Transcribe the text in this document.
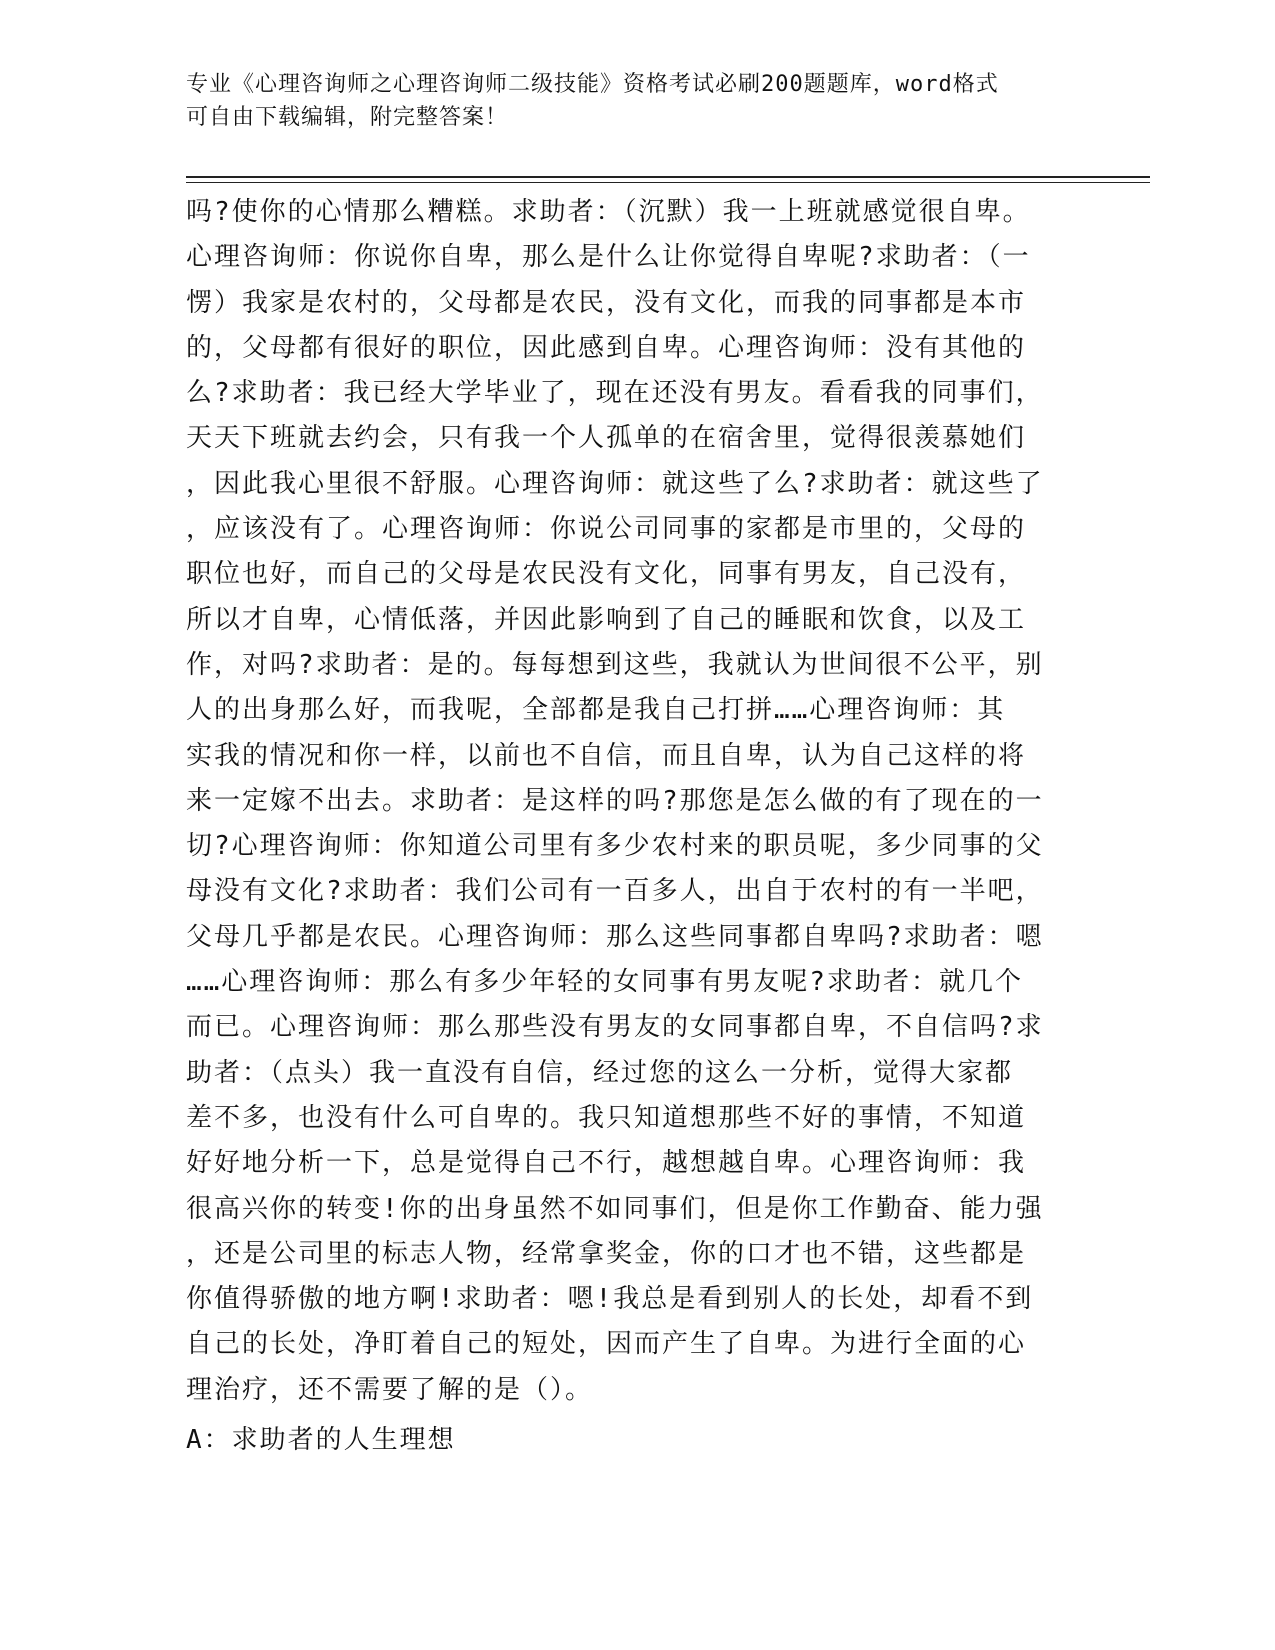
专业《心理咨询师之心理咨询师二级技能》资格考试必刷200题题库，word格式
可自由下载编辑，附完整答案！
吗?使你的心情那么糟糕。求助者：（沉默）我一上班就感觉很自卑。
心理咨询师：你说你自卑，那么是什么让你觉得自卑呢?求助者：（一
愣）我家是农村的，父母都是农民，没有文化，而我的同事都是本市
的，父母都有很好的职位，因此感到自卑。心理咨询师：没有其他的
么?求助者：我已经大学毕业了，现在还没有男友。看看我的同事们，
天天下班就去约会，只有我一个人孤单的在宿舍里，觉得很羡慕她们
，因此我心里很不舒服。心理咨询师：就这些了么?求助者：就这些了
，应该没有了。心理咨询师：你说公司同事的家都是市里的，父母的
职位也好，而自己的父母是农民没有文化，同事有男友，自己没有，
所以才自卑，心情低落，并因此影响到了自己的睡眠和饮食，以及工
作，对吗?求助者：是的。每每想到这些，我就认为世间很不公平，别
人的出身那么好，而我呢，全部都是我自己打拼……心理咨询师：其
实我的情况和你一样，以前也不自信，而且自卑，认为自己这样的将
来一定嫁不出去。求助者：是这样的吗?那您是怎么做的有了现在的一
切?心理咨询师：你知道公司里有多少农村来的职员呢，多少同事的父
母没有文化?求助者：我们公司有一百多人，出自于农村的有一半吧，
父母几乎都是农民。心理咨询师：那么这些同事都自卑吗?求助者：嗯
……心理咨询师：那么有多少年轻的女同事有男友呢?求助者：就几个
而已。心理咨询师：那么那些没有男友的女同事都自卑，不自信吗?求
助者：（点头）我一直没有自信，经过您的这么一分析，觉得大家都
差不多，也没有什么可自卑的。我只知道想那些不好的事情，不知道
好好地分析一下，总是觉得自己不行，越想越自卑。心理咨询师：我
很高兴你的转变!你的出身虽然不如同事们，但是你工作勤奋、能力强
，还是公司里的标志人物，经常拿奖金，你的口才也不错，这些都是
你值得骄傲的地方啊!求助者：嗯!我总是看到别人的长处，却看不到
自己的长处，净盯着自己的短处，因而产生了自卑。为进行全面的心
理治疗，还不需要了解的是（）。
A：求助者的人生理想
